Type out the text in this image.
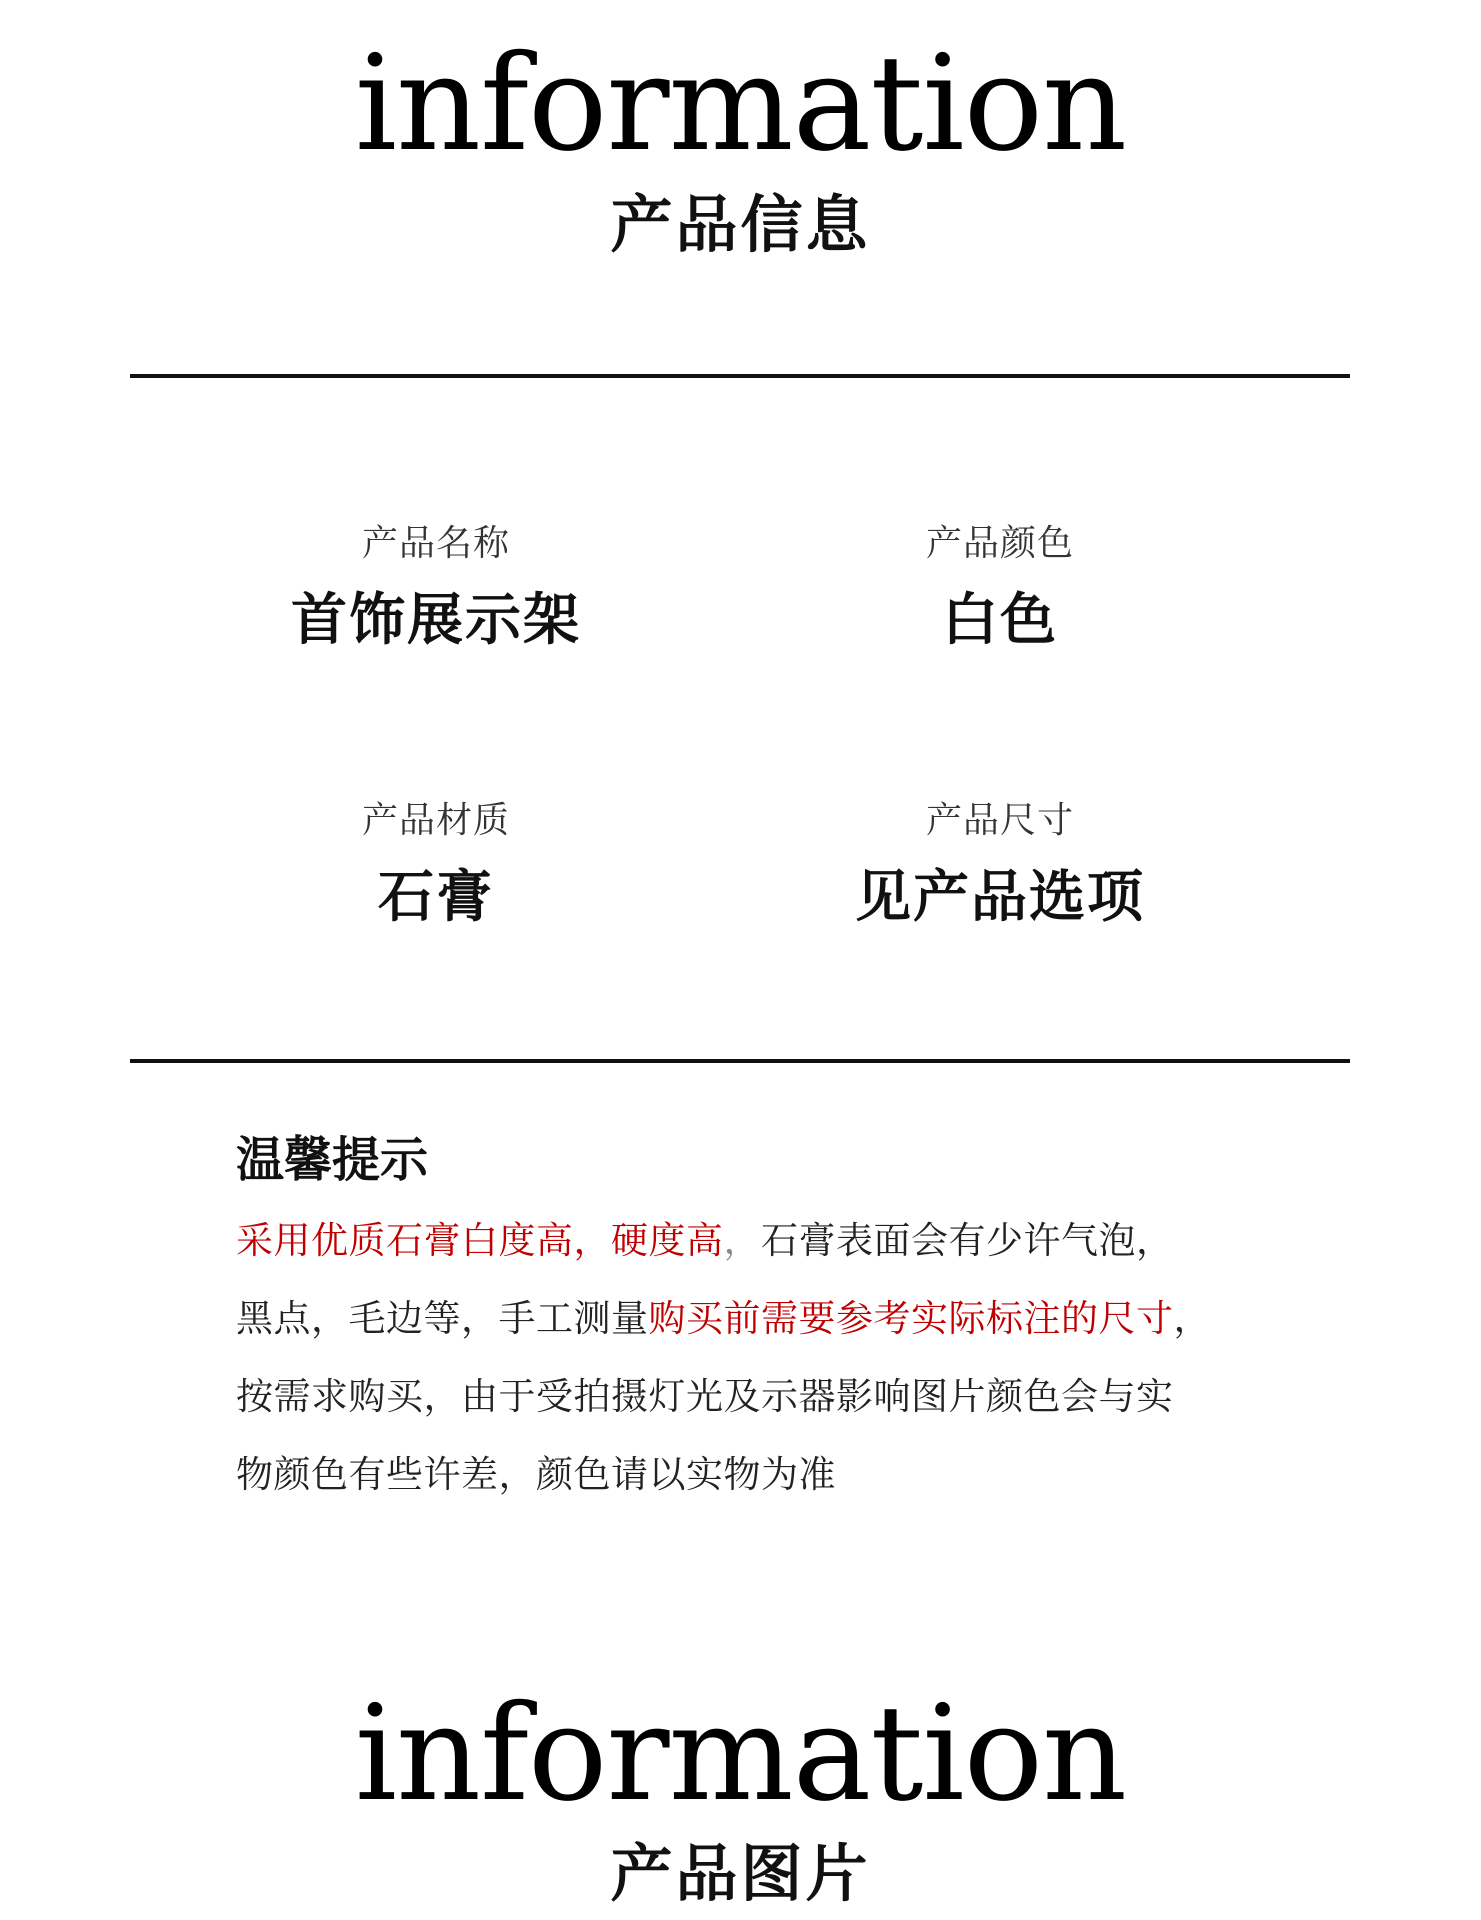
information
产品信息
产品名称
首饰展示架
产品颜色
白色
产品材质
石膏
产品尺寸
见产品选项
温馨提示
采用优质石膏白度高，硬度高，石膏表面会有少许气泡，
黑点，毛边等，手工测量购买前需要参考实际标注的尺寸，
按需求购买，由于受拍摄灯光及示器影响图片颜色会与实
物颜色有些许差，颜色请以实物为准
information
产品图片
